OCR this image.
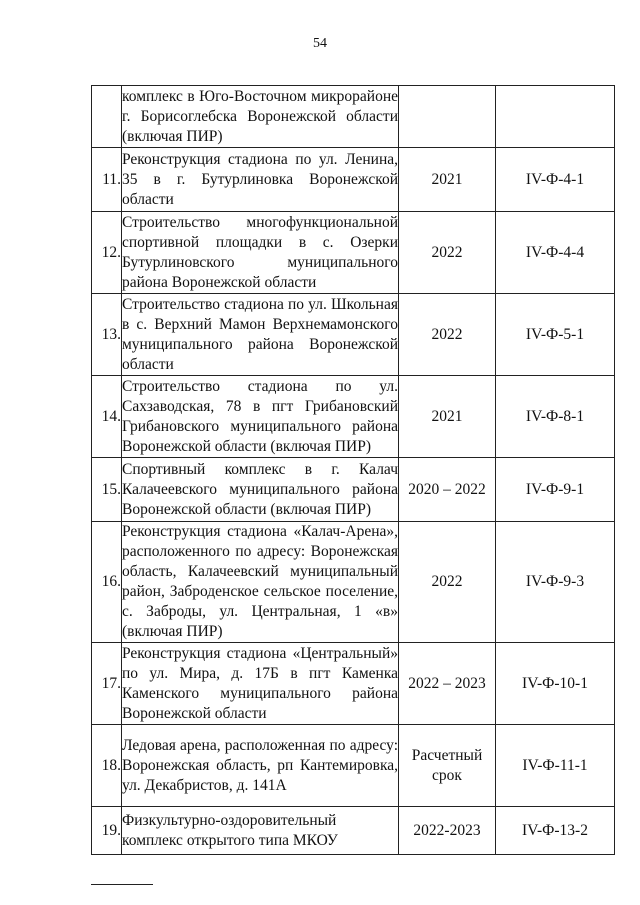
54
	комплекс в Юго-Восточном микрорайоне г. Борисоглебска Воронежской области (включая ПИР)		
11.	Реконструкция стадиона по ул. Ленина, 35 в г. Бутурлиновка Воронежской области	2021	IV-Ф-4-1
12.	Строительство многофункциональной спортивной площадки в с. Озерки Бутурлиновского муниципального района Воронежской области	2022	IV-Ф-4-4
13.	Строительство стадиона по ул. Школьная в с. Верхний Мамон Верхнемамонского муниципального района Воронежской области	2022	IV-Ф-5-1
14.	Строительство стадиона по ул. Сахзаводская, 78 в пгт Грибановский Грибановского муниципального района Воронежской области (включая ПИР)	2021	IV-Ф-8-1
15.	Спортивный комплекс в г. Калач Калачеевского муниципального района Воронежской области (включая ПИР)	2020 – 2022	IV-Ф-9-1
16.	Реконструкция стадиона «Калач-Арена», расположенного по адресу: Воронежская область, Калачеевский муниципальный район, Заброденское сельское поселение, с. Заброды, ул. Центральная, 1 «в» (включая ПИР)	2022	IV-Ф-9-3
17.	Реконструкция стадиона «Центральный» по ул. Мира, д. 17Б в пгт Каменка Каменского муниципального района Воронежской области	2022 – 2023	IV-Ф-10-1
18.	Ледовая арена, расположенная по адресу: Воронежская область, рп Кантемировка, ул. Декабристов, д. 141А	Расчетный срок	IV-Ф-11-1
19.	Физкультурно-оздоровительный комплекс открытого типа МКОУ	2022-2023	IV-Ф-13-2
